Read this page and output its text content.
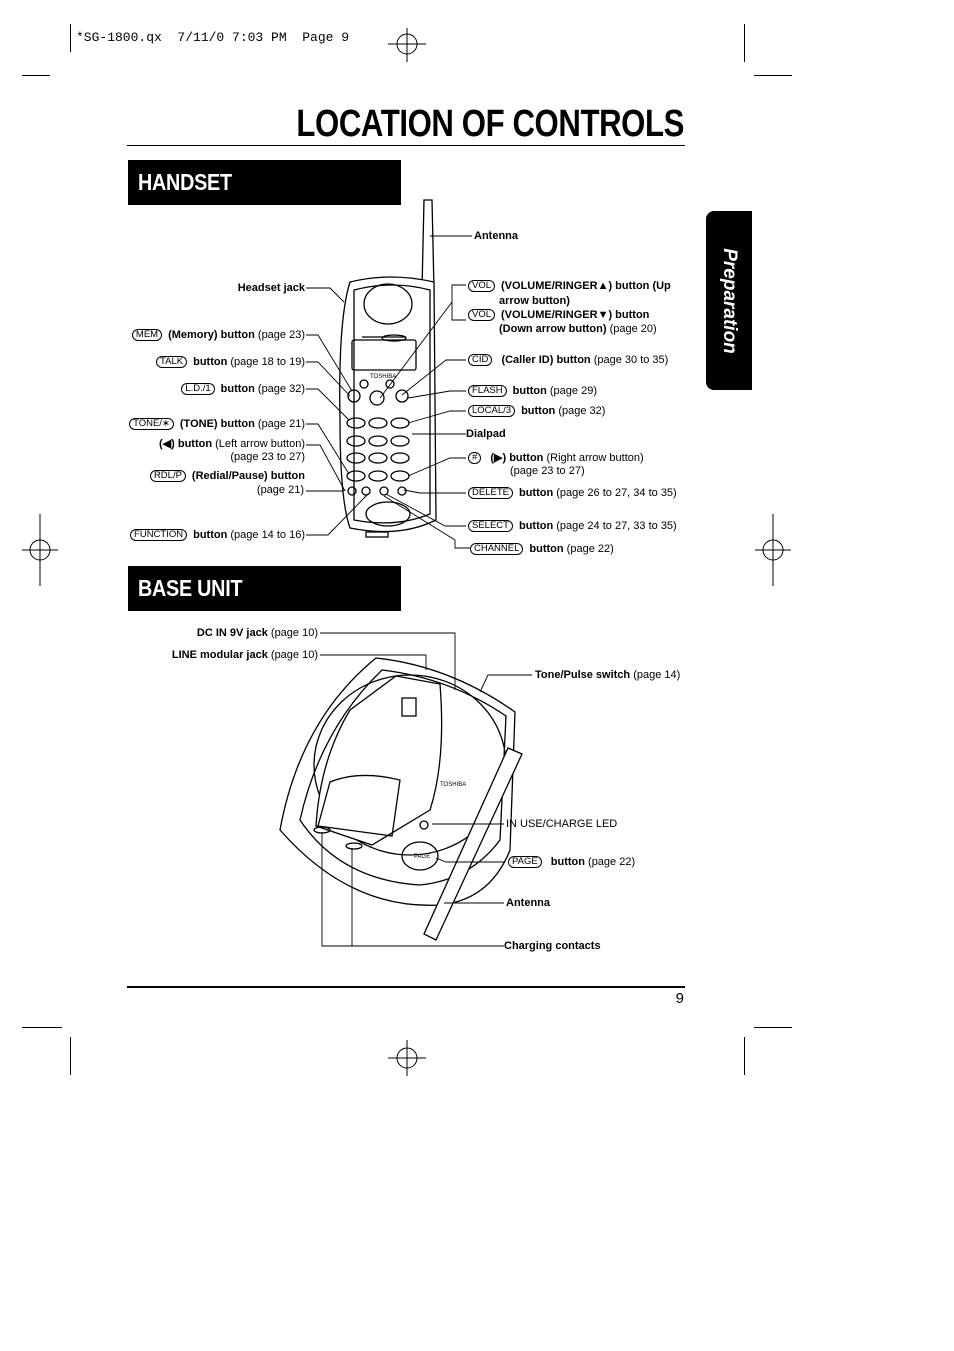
*SG-1800.qx  7/11/0 7:03 PM  Page 9
LOCATION OF CONTROLS
Preparation
HANDSET
BASE UNIT
TOSHIBA
PAGE
TOSHIBA
Headset jack
MEM (Memory) button (page 23)
TALK button (page 18 to 19)
L.D./1 button (page 32)
TONE/∗ (TONE) button (page 21)
(◀) button (Left arrow button)
(page 23 to 27)
RDL/P (Redial/Pause) button
(page 21)
FUNCTION button (page 14 to 16)
Antenna
VOL (VOLUME/RINGER▲) button (Up
arrow button)
VOL (VOLUME/RINGER▼) button
(Down arrow button) (page 20)
CID (Caller ID) button (page 30 to 35)
FLASH button (page 29)
LOCAL/3 button (page 32)
Dialpad
# (▶) button (Right arrow button)
(page 23 to 27)
DELETE button (page 26 to 27, 34 to 35)
SELECT button (page 24 to 27, 33 to 35)
CHANNEL button (page 22)
DC IN 9V jack (page 10)
LINE modular jack (page 10)
Tone/Pulse switch (page 14)
IN USE/CHARGE LED
PAGE button (page 22)
Antenna
Charging contacts
9
